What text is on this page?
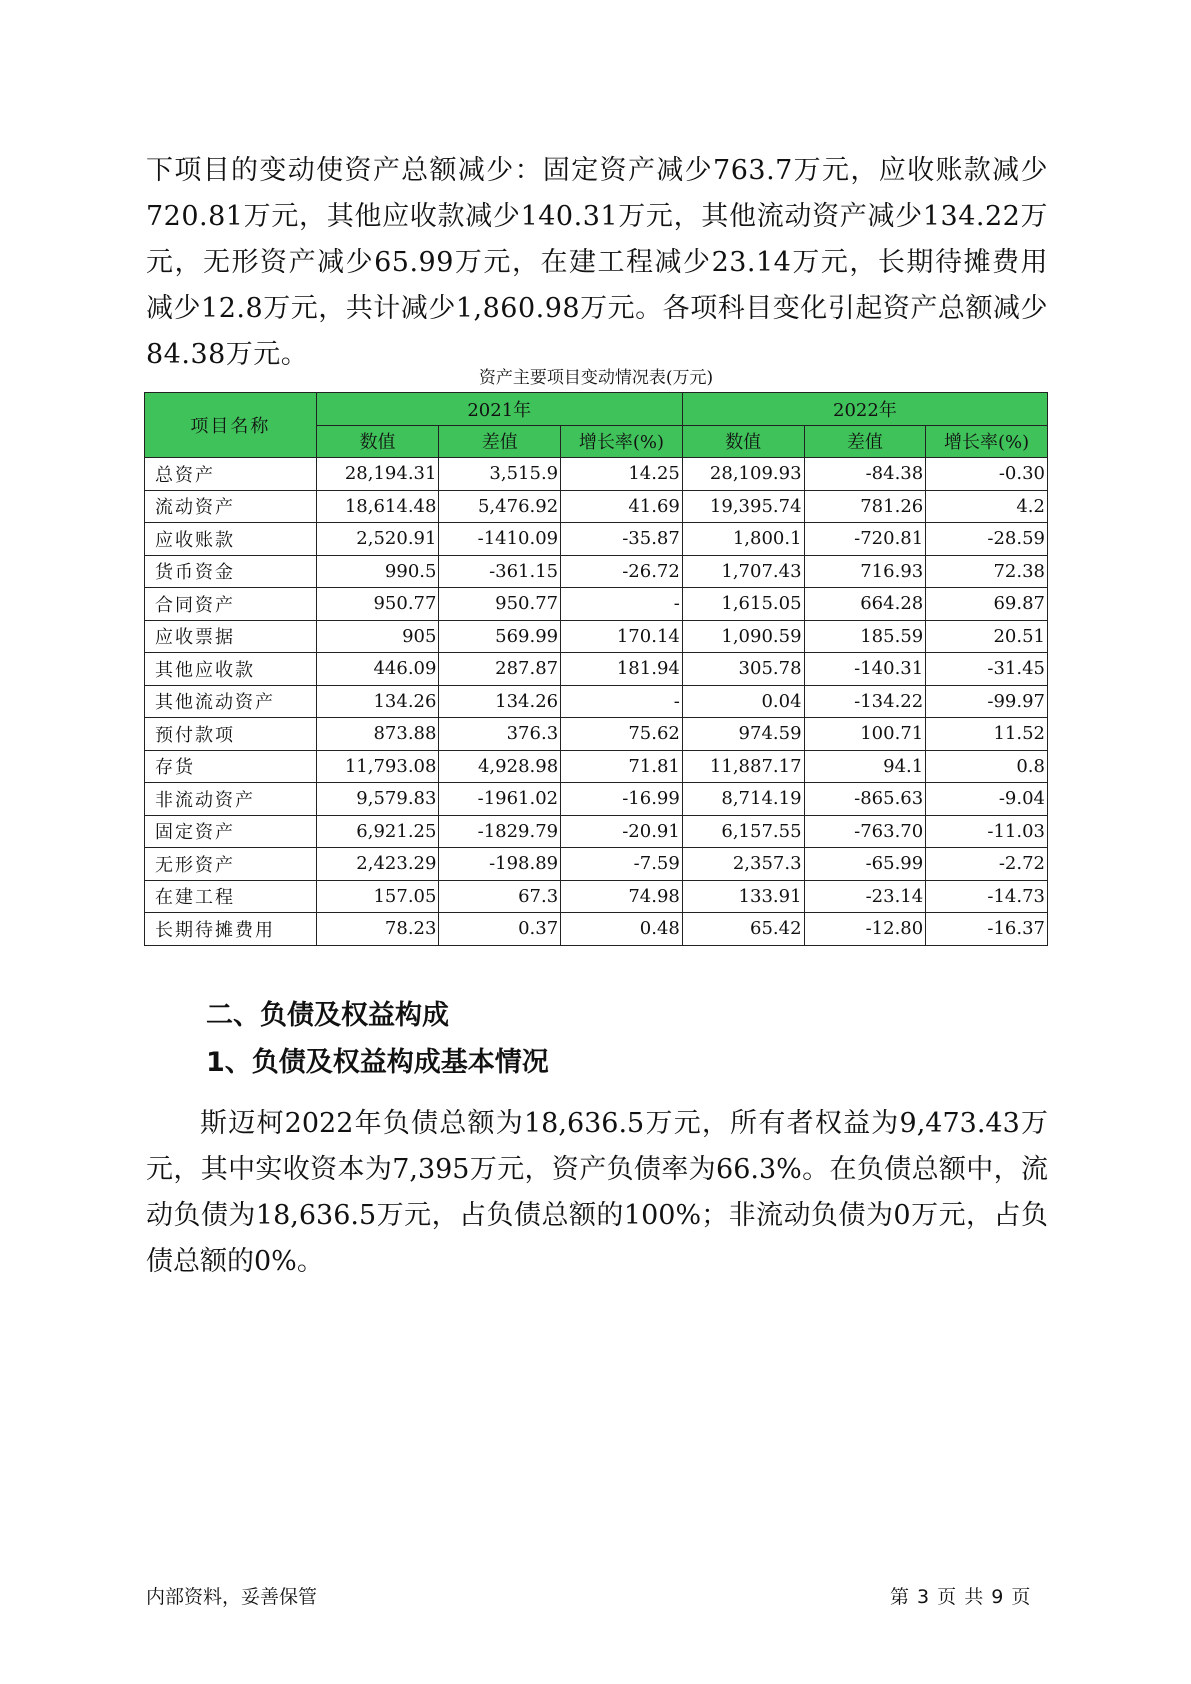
下项目的变动使资产总额减少：固定资产减少763.7万元，应收账款减少720.81万元，其他应收款减少140.31万元，其他流动资产减少134.22万元，无形资产减少65.99万元，在建工程减少23.14万元，长期待摊费用减少12.8万元，共计减少1,860.98万元。各项科目变化引起资产总额减少84.38万元。

资产主要项目变动情况表(万元)
项目名称	2021年			2022年		
	数值	差值	增长率(%)	数值	差值	增长率(%)
总资产	28,194.31	3,515.9	14.25	28,109.93	-84.38	-0.30
流动资产	18,614.48	5,476.92	41.69	19,395.74	781.26	4.2
应收账款	2,520.91	-1410.09	-35.87	1,800.1	-720.81	-28.59
货币资金	990.5	-361.15	-26.72	1,707.43	716.93	72.38
合同资产	950.77	950.77	-	1,615.05	664.28	69.87
应收票据	905	569.99	170.14	1,090.59	185.59	20.51
其他应收款	446.09	287.87	181.94	305.78	-140.31	-31.45
其他流动资产	134.26	134.26	-	0.04	-134.22	-99.97
预付款项	873.88	376.3	75.62	974.59	100.71	11.52
存货	11,793.08	4,928.98	71.81	11,887.17	94.1	0.8
非流动资产	9,579.83	-1961.02	-16.99	8,714.19	-865.63	-9.04
固定资产	6,921.25	-1829.79	-20.91	6,157.55	-763.70	-11.03
无形资产	2,423.29	-198.89	-7.59	2,357.3	-65.99	-2.72
在建工程	157.05	67.3	74.98	133.91	-23.14	-14.73
长期待摊费用	78.23	0.37	0.48	65.42	-12.80	-16.37
二、负债及权益构成
1、负债及权益构成基本情况

斯迈柯2022年负债总额为18,636.5万元，所有者权益为9,473.43万元，其中实收资本为7,395万元，资产负债率为66.3%。在负债总额中，流动负债为18,636.5万元，占负债总额的100%；非流动负债为0万元，占负债总额的0%。

内部资料，妥善保管	第 3 页 共 9 页
